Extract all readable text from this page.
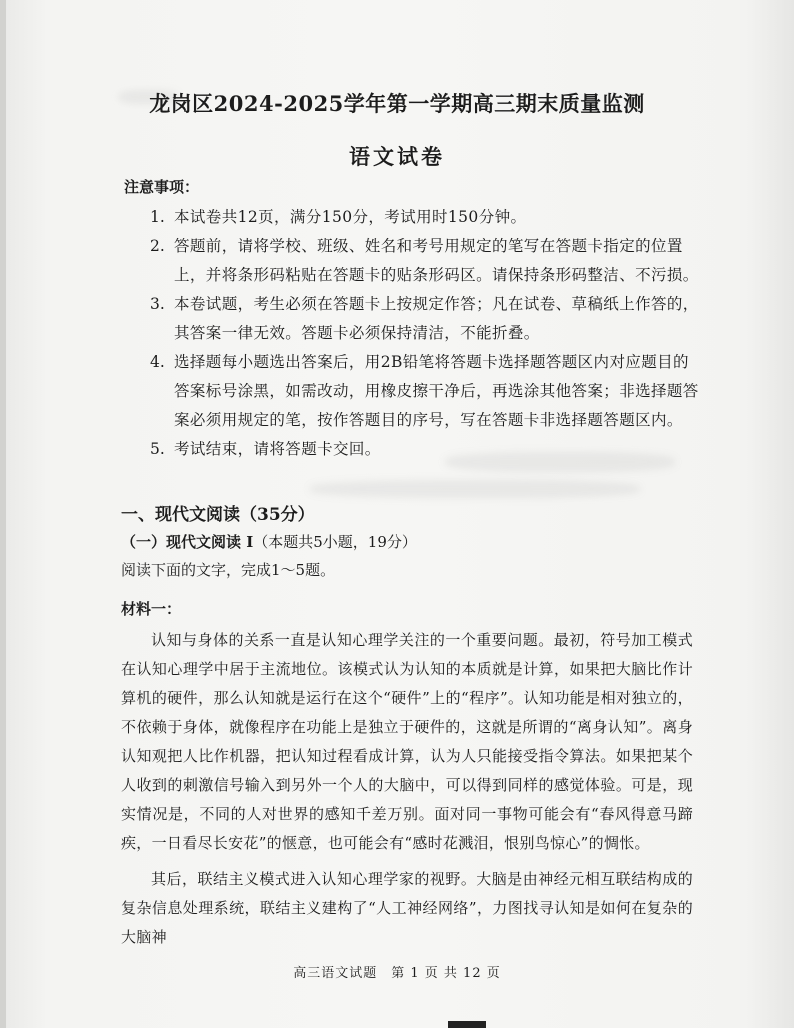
龙岗区2024-2025学年第一学期高三期末质量监测
语文试卷
注意事项：
1. 本试卷共12页，满分150分，考试用时150分钟。
2. 答题前，请将学校、班级、姓名和考号用规定的笔写在答题卡指定的位置上，并将条形码粘贴在答题卡的贴条形码区。请保持条形码整洁、不污损。
3. 本卷试题，考生必须在答题卡上按规定作答；凡在试卷、草稿纸上作答的，其答案一律无效。答题卡必须保持清洁，不能折叠。
4. 选择题每小题选出答案后，用2B铅笔将答题卡选择题答题区内对应题目的答案标号涂黑，如需改动，用橡皮擦干净后，再选涂其他答案；非选择题答案必须用规定的笔，按作答题目的序号，写在答题卡非选择题答题区内。
5. 考试结束，请将答题卡交回。
一、现代文阅读（35分）
（一）现代文阅读 I（本题共5小题，19分）
阅读下面的文字，完成1～5题。
材料一：

认知与身体的关系一直是认知心理学关注的一个重要问题。最初，符号加工模式在认知心理学中居于主流地位。该模式认为认知的本质就是计算，如果把大脑比作计算机的硬件，那么认知就是运行在这个“硬件”上的“程序”。认知功能是相对独立的，不依赖于身体，就像程序在功能上是独立于硬件的，这就是所谓的“离身认知”。离身认知观把人比作机器，把认知过程看成计算，认为人只能接受指令算法。如果把某个人收到的刺激信号输入到另外一个人的大脑中，可以得到同样的感觉体验。可是，现实情况是，不同的人对世界的感知千差万别。面对同一事物可能会有“春风得意马蹄疾，一日看尽长安花”的惬意，也可能会有“感时花溅泪，恨别鸟惊心”的惆怅。

其后，联结主义模式进入认知心理学家的视野。大脑是由神经元相互联结构成的复杂信息处理系统，联结主义建构了“人工神经网络”，力图找寻认知是如何在复杂的大脑神

高三语文试题　第 1 页 共 12 页
